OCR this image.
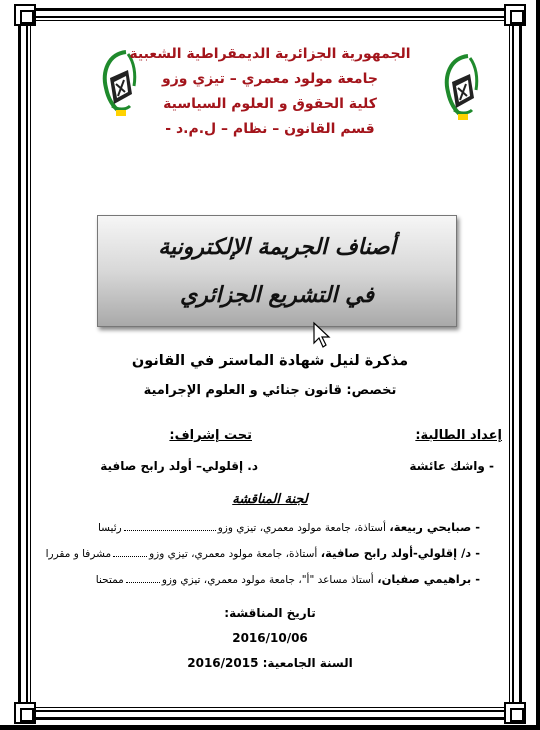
الجمهورية الجزائرية الديمقراطية الشعبية
جامعة مولود معمري – تيزي وزو
كلية الحقوق و العلوم السياسية
قسم القانون – نظام – ل.م.د -
أصناف الجريمة الإلكترونية
في التشريع الجزائري
مذكرة لنيل شهادة الماستر في القانون
تخصص: قانون جنائي و العلوم الإجرامية
إعداد الطالبة:
- واشك عائشة
تحت إشراف:
د. إقلولي– أولد رابح صافية
لجنة المناقشة
- صبايحي ربيعة، أستاذة، جامعة مولود معمري، تيزي وزورئيسا
- د/ إقلولي-أولد رابح صافية، أستاذة، جامعة مولود معمري، تيزي وزومشرفا و مقررا
- براهيمي صفيان، أستاذ مساعد "أ"، جامعة مولود معمري، تيزي وزوممتحنا
تاريخ المناقشة:
2016/10/06
السنة الجامعية: 2016/2015
